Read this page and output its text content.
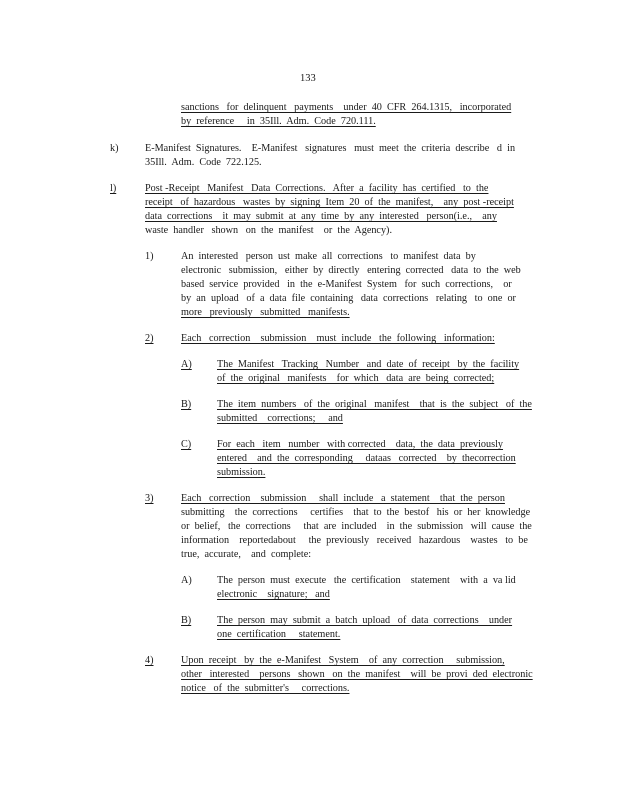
133
sanctions   for  delinquent   payments    under  40  CFR  264.1315,   incorporated
by  reference     in  35Ill.  Adm.  Code  720.111.
k)	E-Manifest  Signatures.    E-Manifest   signatures   must  meet  the  criteria  describe   d  in
35Ill.  Adm.  Code  722.125.
l)	Post -Receipt   Manifest   Data  Corrections.   After  a  facility  has  certified   to  the
receipt   of  hazardous   wastes  by  signing  Item  20  of  the  manifest,    any  post -receipt
data  corrections    it  may  submit  at  any  time  by  any  interested   person(i.e.,    any
waste  handler   shown   on  the  manifest    or  the  Agency).
1)	An  interested   person  ust  make  all  corrections   to  manifest  data  by
electronic   submission,   either  by  directly   entering  corrected   data  to  the  web
based  service  provided   in  the  e-Manifest  System   for  such  corrections,    or
by  an  upload   of  a  data  file  containing   data  corrections   relating   to  one  or
more   previously   submitted   manifests.
2)	Each   correction    submission    must  include   the  following   information:
A) The  Manifest   Tracking   Number   and  date  of  receipt   by  the  facility
of  the  original   manifests    for  which   data  are  being  corrected;
B)	The  item  numbers   of  the  original   manifest    that  is  the  subject   of  the
submitted    corrections;     and
C)	For  each   item   number   with corrected    data,  the  data  previously
entered    and  the  corresponding     dataas   corrected    by  thecorrection
submission.
3)	Each   correction    submission     shall  include   a  statement    that  the  person
submitting    the  corrections     certifies    that  to  the  bestof   his  or  her  knowledge
or  belief,   the  corrections     that  are  included    in  the  submission   will  cause  the
information    reportedabout     the  previously   received   hazardous    wastes   to  be
true,  accurate,    and  complete:
A) The  person  must  execute   the  certification    statement    with  a  va lid
electronic    signature;   and
B)	The  person  may  submit  a  batch  upload   of  data  corrections    under
one  certification     statement.
4)	Upon  receipt   by  the  e-Manifest   System    of  any  correction     submission,
other   interested    persons   shown   on  the  manifest    will  be  provi  ded  electronic
notice   of  the  submitter's     corrections.
